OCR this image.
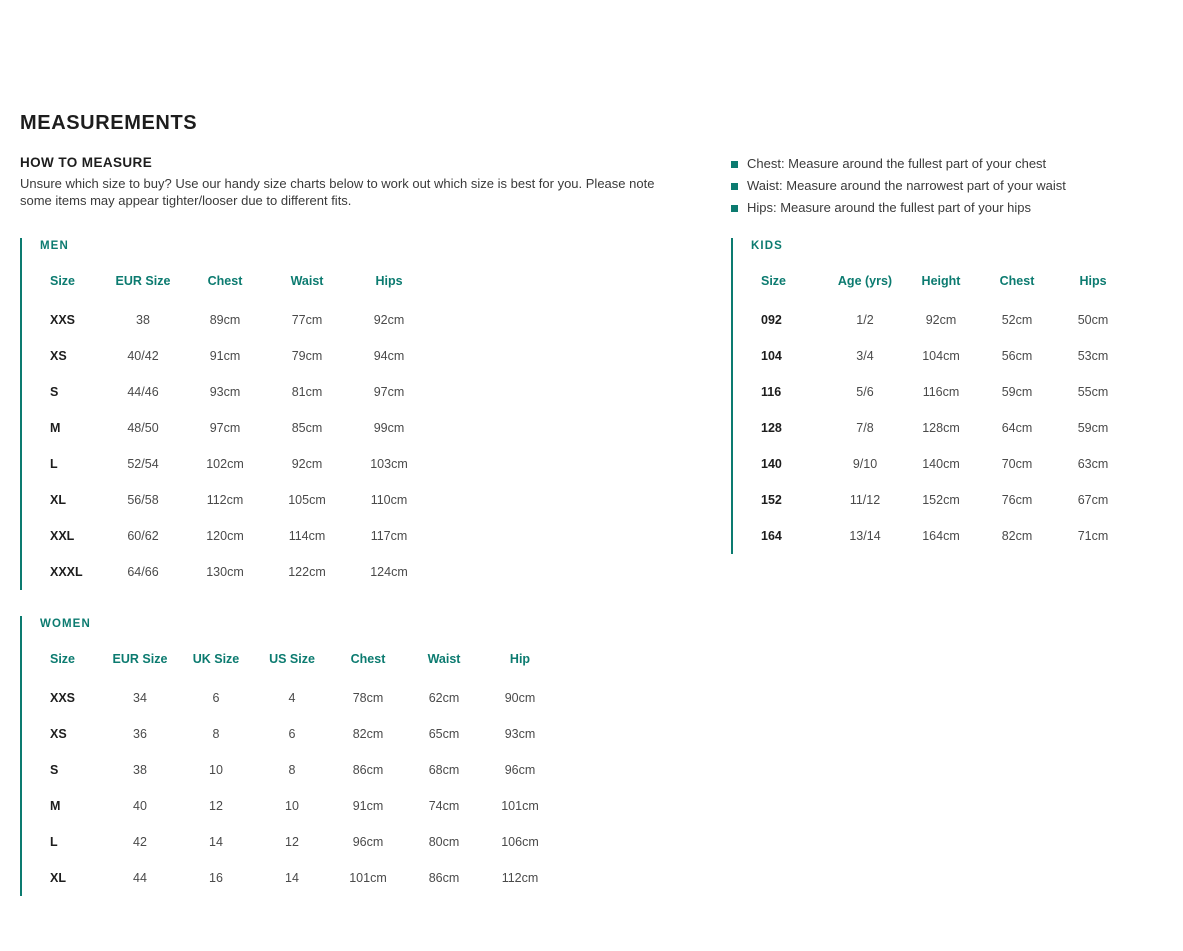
MEASUREMENTS
HOW TO MEASURE
Unsure which size to buy? Use our handy size charts below to work out which size is best for you. Please note some items may appear tighter/looser due to different fits.
Chest: Measure around the fullest part of your chest
Waist: Measure around the narrowest part of your waist
Hips: Measure around the fullest part of your hips
MEN
Size	EUR Size	Chest	Waist	Hips
XXS	38	89cm	77cm	92cm
XS	40/42	91cm	79cm	94cm
S	44/46	93cm	81cm	97cm
M	48/50	97cm	85cm	99cm
L	52/54	102cm	92cm	103cm
XL	56/58	112cm	105cm	110cm
XXL	60/62	120cm	114cm	117cm
XXXL	64/66	130cm	122cm	124cm
KIDS
Size	Age (yrs)	Height	Chest	Hips
092	1/2	92cm	52cm	50cm
104	3/4	104cm	56cm	53cm
116	5/6	116cm	59cm	55cm
128	7/8	128cm	64cm	59cm
140	9/10	140cm	70cm	63cm
152	11/12	152cm	76cm	67cm
164	13/14	164cm	82cm	71cm
WOMEN
Size	EUR Size	UK Size	US Size	Chest	Waist	Hip
XXS	34	6	4	78cm	62cm	90cm
XS	36	8	6	82cm	65cm	93cm
S	38	10	8	86cm	68cm	96cm
M	40	12	10	91cm	74cm	101cm
L	42	14	12	96cm	80cm	106cm
XL	44	16	14	101cm	86cm	112cm
